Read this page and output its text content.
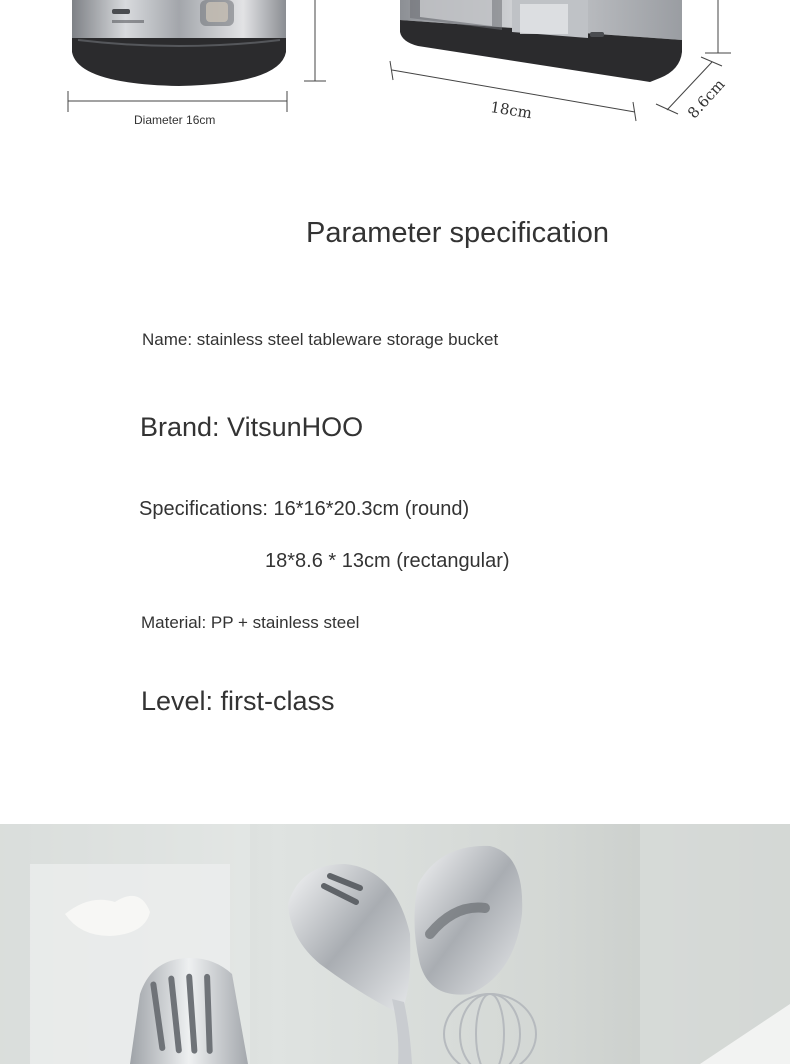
Diameter 16cm	18cm	8.6cm
Parameter specification
Name: stainless steel tableware storage bucket
Brand: VitsunHOO
Specifications: 16*16*20.3cm (round)
18*8.6 * 13cm (rectangular)
Material: PP + stainless steel
Level: first-class
